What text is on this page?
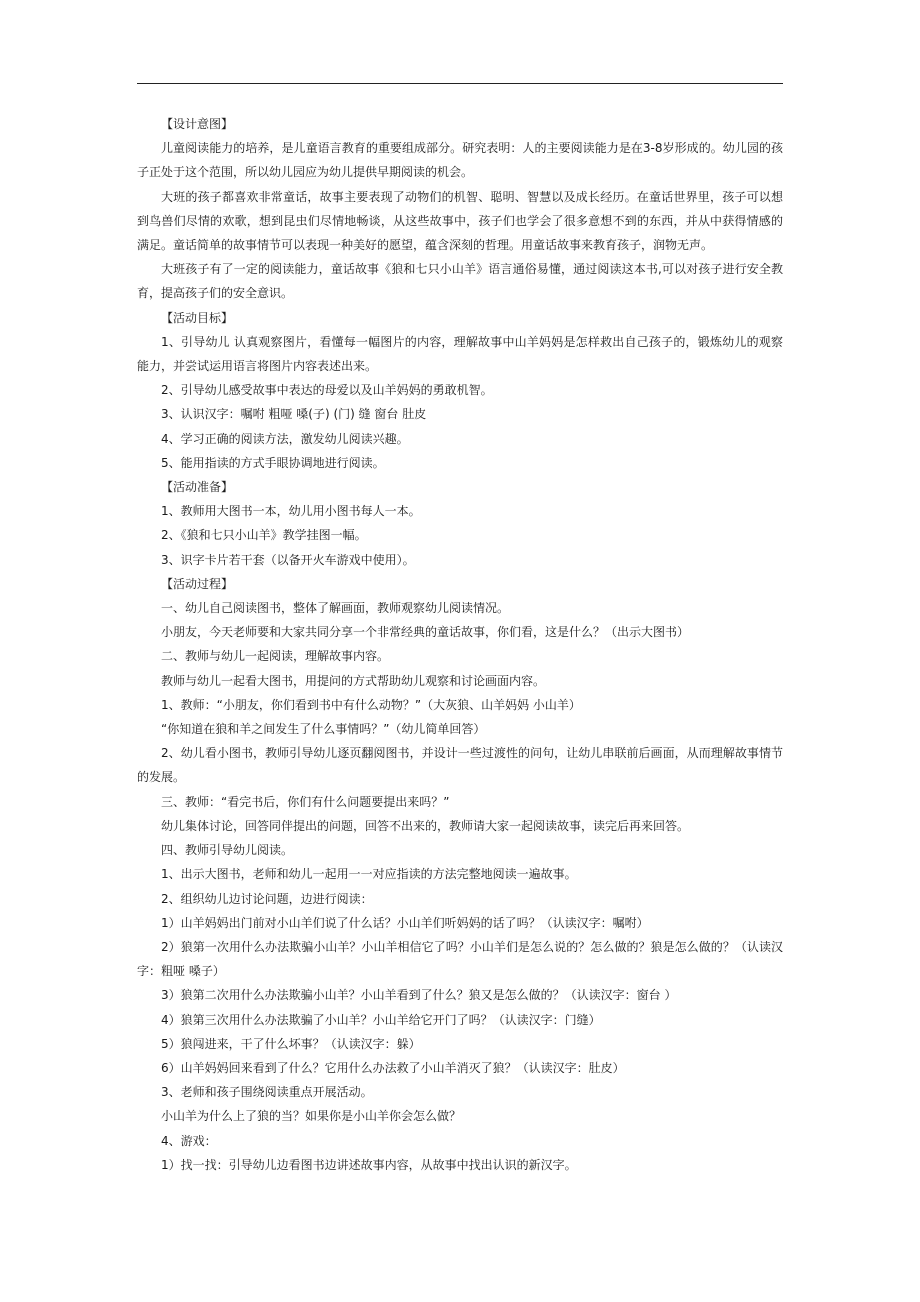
【设计意图】

儿童阅读能力的培养，是儿童语言教育的重要组成部分。研究表明：人的主要阅读能力是在3-8岁形成的。幼儿园的孩子正处于这个范围，所以幼儿园应为幼儿提供早期阅读的机会。

大班的孩子都喜欢非常童话，故事主要表现了动物们的机智、聪明、智慧以及成长经历。在童话世界里，孩子可以想到鸟兽们尽情的欢歌，想到昆虫们尽情地畅谈，从这些故事中，孩子们也学会了很多意想不到的东西，并从中获得情感的满足。童话简单的故事情节可以表现一种美好的愿望，蕴含深刻的哲理。用童话故事来教育孩子，润物无声。

大班孩子有了一定的阅读能力，童话故事《狼和七只小山羊》语言通俗易懂，通过阅读这本书,可以对孩子进行安全教育，提高孩子们的安全意识。

【活动目标】

1、引导幼儿 认真观察图片，看懂每一幅图片的内容，理解故事中山羊妈妈是怎样救出自己孩子的，锻炼幼儿的观察能力，并尝试运用语言将图片内容表述出来。

2、引导幼儿感受故事中表达的母爱以及山羊妈妈的勇敢机智。

3、认识汉字：嘱咐 粗哑 嗓(子) (门) 缝 窗台 肚皮

4、学习正确的阅读方法，激发幼儿阅读兴趣。

5、能用指读的方式手眼协调地进行阅读。

【活动准备】

1、教师用大图书一本，幼儿用小图书每人一本。

2、《狼和七只小山羊》教学挂图一幅。

3、识字卡片若干套（以备开火车游戏中使用）。

【活动过程】

一、幼儿自己阅读图书，整体了解画面，教师观察幼儿阅读情况。

小朋友，今天老师要和大家共同分享一个非常经典的童话故事，你们看，这是什么？（出示大图书）

二、教师与幼儿一起阅读，理解故事内容。

教师与幼儿一起看大图书，用提问的方式帮助幼儿观察和讨论画面内容。

1、教师：“小朋友，你们看到书中有什么动物？”（大灰狼、山羊妈妈 小山羊）

“你知道在狼和羊之间发生了什么事情吗？”（幼儿简单回答）

2、幼儿看小图书，教师引导幼儿逐页翻阅图书，并设计一些过渡性的问句，让幼儿串联前后画面，从而理解故事情节的发展。

三、教师：“看完书后，你们有什么问题要提出来吗？”

幼儿集体讨论，回答同伴提出的问题，回答不出来的，教师请大家一起阅读故事，读完后再来回答。

四、教师引导幼儿阅读。

1、出示大图书，老师和幼儿一起用一一对应指读的方法完整地阅读一遍故事。

2、组织幼儿边讨论问题，边进行阅读：

1）山羊妈妈出门前对小山羊们说了什么话？小山羊们听妈妈的话了吗？（认读汉字：嘱咐）

2）狼第一次用什么办法欺骗小山羊？小山羊相信它了吗？小山羊们是怎么说的？怎么做的？狼是怎么做的？（认读汉字：粗哑 嗓子）

3）狼第二次用什么办法欺骗小山羊？小山羊看到了什么？狼又是怎么做的？（认读汉字：窗台 ）

4）狼第三次用什么办法欺骗了小山羊？小山羊给它开门了吗？（认读汉字：门缝）

5）狼闯进来，干了什么坏事？（认读汉字：躲）

6）山羊妈妈回来看到了什么？它用什么办法救了小山羊消灭了狼？（认读汉字：肚皮）

3、老师和孩子围绕阅读重点开展活动。

小山羊为什么上了狼的当？如果你是小山羊你会怎么做？

4、游戏：

1）找一找：引导幼儿边看图书边讲述故事内容，从故事中找出认识的新汉字。
